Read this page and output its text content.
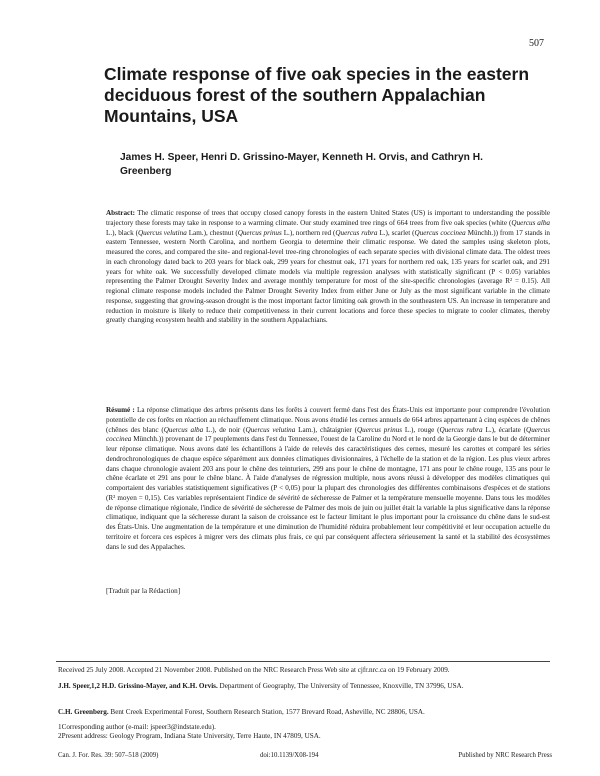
507
Climate response of five oak species in the eastern deciduous forest of the southern Appalachian Mountains, USA
James H. Speer, Henri D. Grissino-Mayer, Kenneth H. Orvis, and Cathryn H. Greenberg
Abstract: The climatic response of trees that occupy closed canopy forests in the eastern United States (US) is important to understanding the possible trajectory these forests may take in response to a warming climate. Our study examined tree rings of 664 trees from five oak species (white (Quercus alba L.), black (Quercus velutina Lam.), chestnut (Quercus prinus L.), northern red (Quercus rubra L.), scarlet (Quercus coccinea Münchh.)) from 17 stands in eastern Tennessee, western North Carolina, and northern Georgia to determine their climatic response. We dated the samples using skeleton plots, measured the cores, and compared the site- and regional-level tree-ring chronologies of each separate species with divisional climate data. The oldest trees in each chronology dated back to 203 years for black oak, 299 years for chestnut oak, 171 years for northern red oak, 135 years for scarlet oak, and 291 years for white oak. We successfully developed climate models via multiple regression analyses with statistically significant (P < 0.05) variables representing the Palmer Drought Severity Index and average monthly temperature for most of the site-specific chronologies (average R² = 0.15). All regional climate response models included the Palmer Drought Severity Index from either June or July as the most significant variable in the climate response, suggesting that growing-season drought is the most important factor limiting oak growth in the southeastern US. An increase in temperature and reduction in moisture is likely to reduce their competitiveness in their current locations and force these species to migrate to cooler climates, thereby greatly changing ecosystem health and stability in the southern Appalachians.
Résumé : La réponse climatique des arbres présents dans les forêts à couvert fermé dans l'est des États-Unis est importante pour comprendre l'évolution potentielle de ces forêts en réaction au réchauffement climatique. Nous avons étudié les cernes annuels de 664 arbres appartenant à cinq espèces de chênes (chênes des blanc (Quercus alba L.), de noir (Quercus velutina Lam.), châtaignier (Quercus prinus L.), rouge (Quercus rubra L.), écarlate (Quercus coccinea Münchh.)) provenant de 17 peuplements dans l'est du Tennessee, l'ouest de la Caroline du Nord et le nord de la Georgie dans le but de déterminer leur réponse climatique. Nous avons daté les échantillons à l'aide de relevés des caractéristiques des cernes, mesuré les carottes et comparé les séries dendrochronologiques de chaque espèce séparément aux données climatiques divisionnaires, à l'échelle de la station et de la région. Les plus vieux arbres dans chaque chronologie avaient 203 ans pour le chêne des teinturiers, 299 ans pour le chêne de montagne, 171 ans pour le chêne rouge, 135 ans pour le chêne écarlate et 291 ans pour le chêne blanc. À l'aide d'analyses de régression multiple, nous avons réussi à développer des modèles climatiques qui comportaient des variables statistiquement significatives (P < 0,05) pour la plupart des chronologies des différentes combinaisons d'espèces et de stations (R² moyen = 0,15). Ces variables représentaient l'indice de sévérité de sécheresse de Palmer et la température mensuelle moyenne. Dans tous les modèles de réponse climatique régionale, l'indice de sévérité de sécheresse de Palmer des mois de juin ou juillet était la variable la plus significative dans la réponse climatique, indiquant que la sécheresse durant la saison de croissance est le facteur limitant le plus important pour la croissance du chêne dans le sud-est des États-Unis. Une augmentation de la température et une diminution de l'humidité réduira probablement leur compétitivité et leur occupation actuelle du territoire et forcera ces espèces à migrer vers des climats plus frais, ce qui par conséquent affectera sérieusement la santé et la stabilité des écosystèmes dans le sud des Appalaches.
[Traduit par la Rédaction]
Received 25 July 2008. Accepted 21 November 2008. Published on the NRC Research Press Web site at cjfr.nrc.ca on 19 February 2009.
J.H. Speer,1,2 H.D. Grissino-Mayer, and K.H. Orvis. Department of Geography, The University of Tennessee, Knoxville, TN 37996, USA.
C.H. Greenberg. Bent Creek Experimental Forest, Southern Research Station, 1577 Brevard Road, Asheville, NC 28806, USA.
1Corresponding author (e-mail: jspeer3@indstate.edu).
2Present address: Geology Program, Indiana State University, Terre Haute, IN 47809, USA.
Can. J. For. Res. 39: 507–518 (2009)	doi:10.1139/X08-194	Published by NRC Research Press
